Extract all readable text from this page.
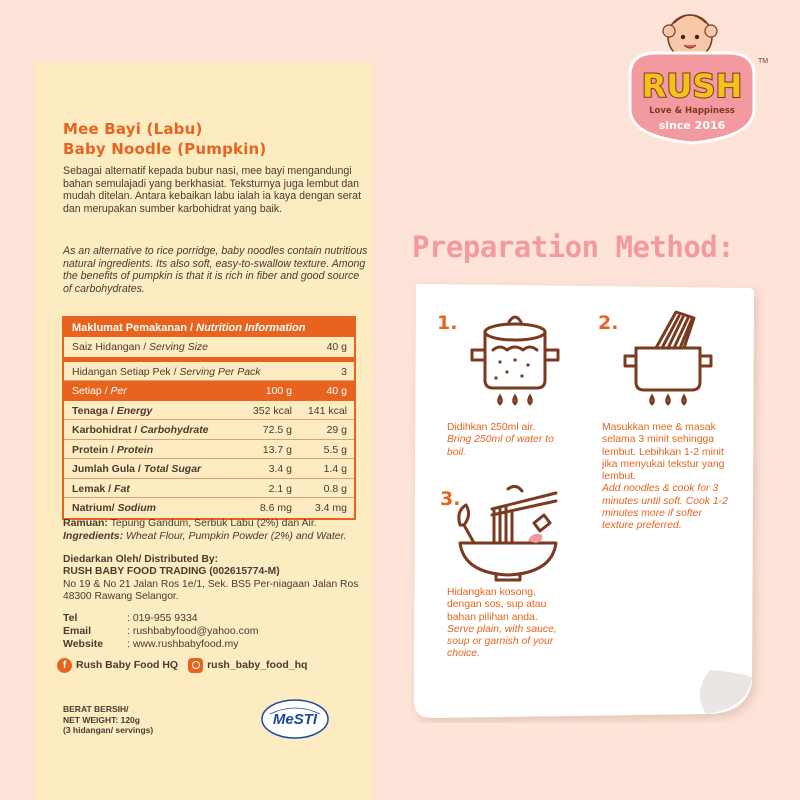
Mee Bayi (Labu)
Baby Noodle (Pumpkin)
Sebagai alternatif kepada bubur nasi, mee bayi mengandungi bahan semulajadi yang berkhasiat. Teksturnya juga lembut dan mudah ditelan. Antara kebaikan labu ialah ia kaya dengan serat dan merupakan sumber karbohidrat yang baik.
As an alternative to rice porridge, baby noodles contain nutritious natural ingredients. Its also soft, easy-to-swallow texture. Among the benefits of pumpkin is that it is rich in fiber and good source of carbohydrates.
Maklumat Pemakanan / Nutrition Information
Saiz Hidangan / Serving Size	40 g
Hidangan Setiap Pek / Serving Per Pack	3
Setiap / Per	100 g	40 g
Tenaga / Energy	352 kcal 141 kcal
Karbohidrat / Carbohydrate	72.5 g	29 g
Protein / Protein	13.7 g	5.5 g
Jumlah Gula / Total Sugar	3.4 g	1.4 g
Lemak / Fat	2.1 g	0.8 g
Natrium/ Sodium	8.6 mg 3.4 mg
Ramuan: Tepung Gandum, Serbuk Labu (2%) dan Air.
Ingredients: Wheat Flour, Pumpkin Powder (2%) and Water.
Diedarkan Oleh/ Distributed By:
RUSH BABY FOOD TRADING (002615774-M)
No 19 & No 21 Jalan Ros 1e/1, Sek. BS5 Per-niagaan Jalan Ros 48300 Rawang Selangor.
Tel	: 019-955 9334
Email	: rushbabyfood@yahoo.com
Website : www.rushbabyfood.my
f Rush Baby Food HQ	rush_baby_food_hq
BERAT BERSIH/
NET WEIGHT: 120g
(3 hidangan/ servings)
MeSTI
RUSH
Love & Happiness
since 2016
TM
Preparation Method:
1.	2.
3.
Didihkan 250ml air.
Bring 250ml of water to boil.
Masukkan mee & masak selama 3 minit sehingga lembut. Lebihkan 1-2 minit jika menyukai tekstur yang lembut.
Add noodles & cook for 3 minutes until soft. Cook 1-2 minutes more if softer texture preferred.
Hidangkan kosong, dengan sos, sup atau bahan pilihan anda.
Serve plain, with sauce, soup or garnish of your choice.
